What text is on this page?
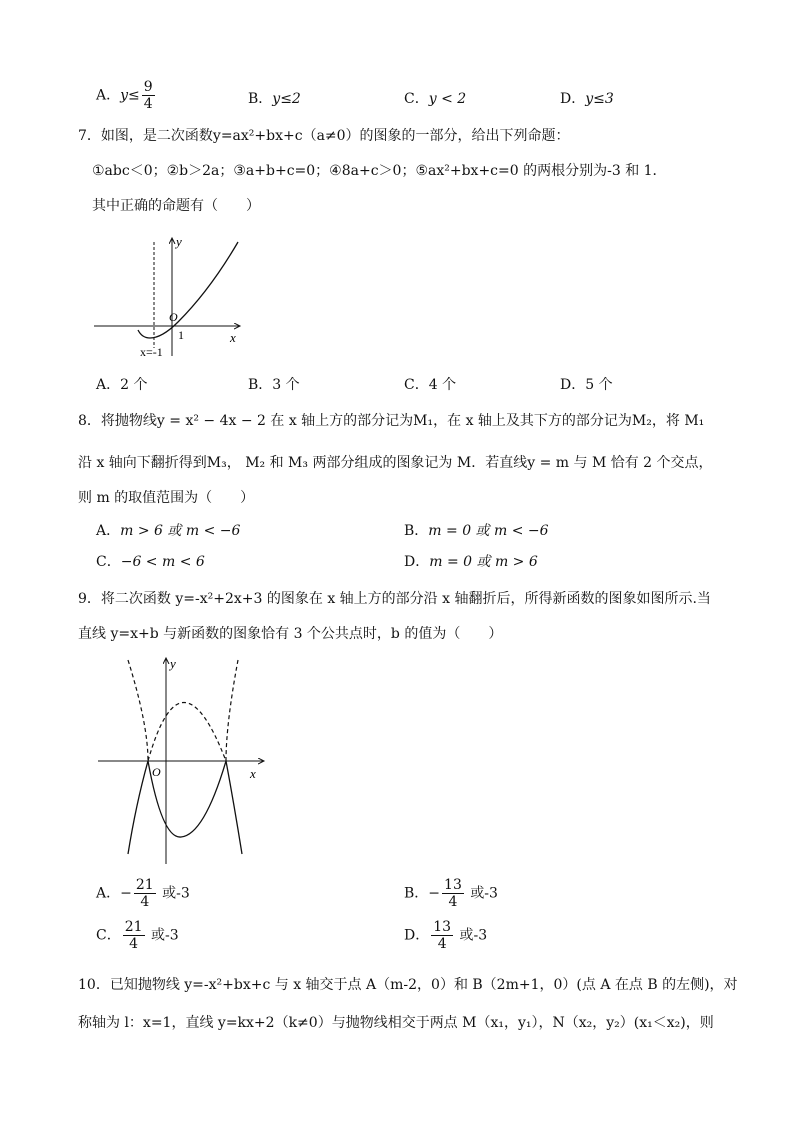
A．$y\le \frac{9}{4}$	B．y≤2	C．y < 2	D．y≤3
7．如图，是二次函数y=ax²+bx+c（a≠0）的图象的一部分，给出下列命题：
①abc＜0；②b＞2a；③a+b+c=0；④8a+c＞0；⑤ax²+bx+c=0 的两根分别为-3 和 1．
其中正确的命题有（　　）
y
x
O
1
x=-1
A．2 个	B．3 个	C．4 个	D．5 个
8．将抛物线y = x² − 4x − 2 在 x 轴上方的部分记为M₁，在 x 轴上及其下方的部分记为M₂，将 M₁
沿 x 轴向下翻折得到M₃， M₂ 和 M₃ 两部分组成的图象记为 M．若直线y = m 与 M 恰有 2 个交点，
则 m 的取值范围为（　　）
A．m > 6 或 m < −6	B．m = 0 或 m < −6
C．−6 < m < 6	D．m = 0 或 m > 6
9．将二次函数 y=-x²+2x+3 的图象在 x 轴上方的部分沿 x 轴翻折后，所得新函数的图象如图所示.当
直线 y=x+b 与新函数的图象恰有 3 个公共点时，b 的值为（　　）
y
x
O
A．− $\frac{21}{4}$ 或-3	B．− $\frac{13}{4}$ 或-3
C． $\frac{21}{4}$ 或-3	D． $\frac{13}{4}$ 或-3
10．已知抛物线 y=-x²+bx+c 与 x 轴交于点 A（m-2，0）和 B（2m+1，0）(点 A 在点 B 的左侧)，对
称轴为 l：x=1，直线 y=kx+2（k≠0）与抛物线相交于两点 M（x₁，y₁），N（x₂，y₂）(x₁＜x₂)，则
